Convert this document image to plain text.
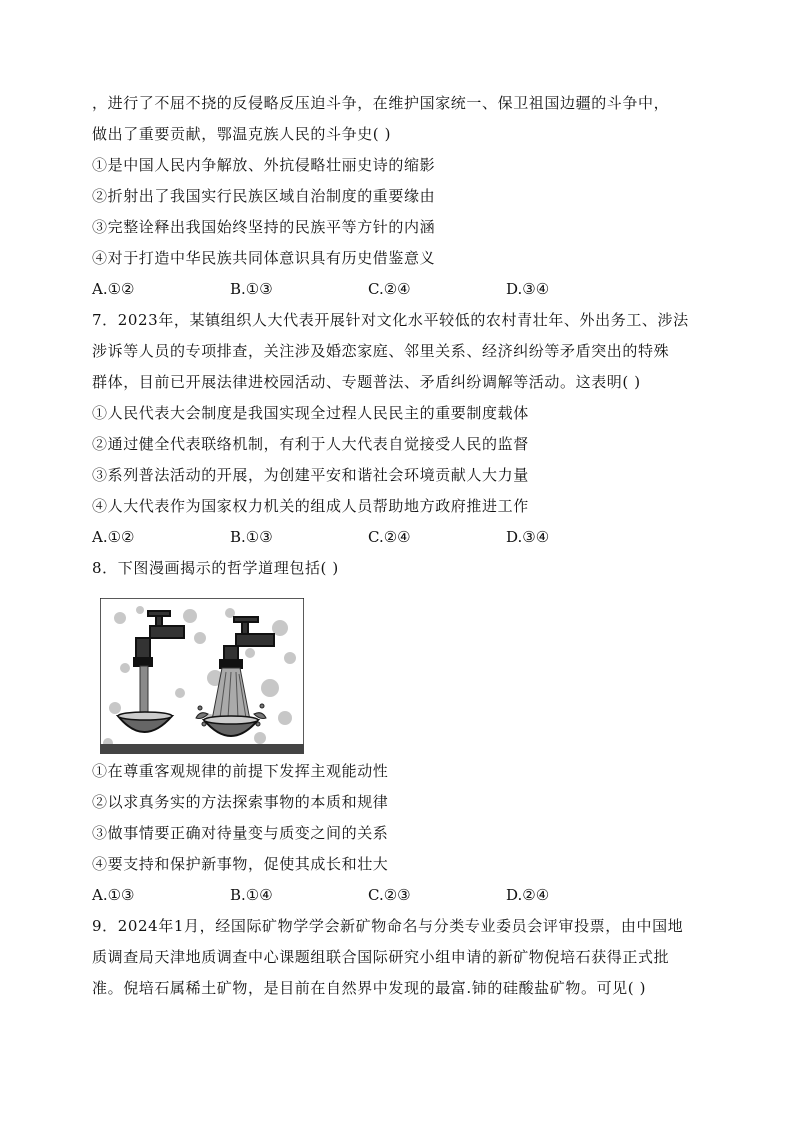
，进行了不屈不挠的反侵略反压迫斗争，在维护国家统一、保卫祖国边疆的斗争中，
做出了重要贡献，鄂温克族人民的斗争史( )
①是中国人民内争解放、外抗侵略壮丽史诗的缩影
②折射出了我国实行民族区域自治制度的重要缘由
③完整诠释出我国始终坚持的民族平等方针的内涵
④对于打造中华民族共同体意识具有历史借鉴意义
A.①②	B.①③	C.②④	D.③④
7．2023年，某镇组织人大代表开展针对文化水平较低的农村青壮年、外出务工、涉法
涉诉等人员的专项排查，关注涉及婚恋家庭、邻里关系、经济纠纷等矛盾突出的特殊
群体，目前已开展法律进校园活动、专题普法、矛盾纠纷调解等活动。这表明( )
①人民代表大会制度是我国实现全过程人民民主的重要制度载体
②通过健全代表联络机制，有利于人大代表自觉接受人民的监督
③系列普法活动的开展，为创建平安和谐社会环境贡献人大力量
④人大代表作为国家权力机关的组成人员帮助地方政府推进工作
A.①②	B.①③	C.②④	D.③④
8．下图漫画揭示的哲学道理包括( )
①在尊重客观规律的前提下发挥主观能动性
②以求真务实的方法探索事物的本质和规律
③做事情要正确对待量变与质变之间的关系
④要支持和保护新事物，促使其成长和壮大
A.①③	B.①④	C.②③	D.②④
9．2024年1月，经国际矿物学学会新矿物命名与分类专业委员会评审投票，由中国地
质调查局天津地质调查中心课题组联合国际研究小组申请的新矿物倪培石获得正式批
准。倪培石属稀土矿物，是目前在自然界中发现的最富.铈的硅酸盐矿物。可见( )
